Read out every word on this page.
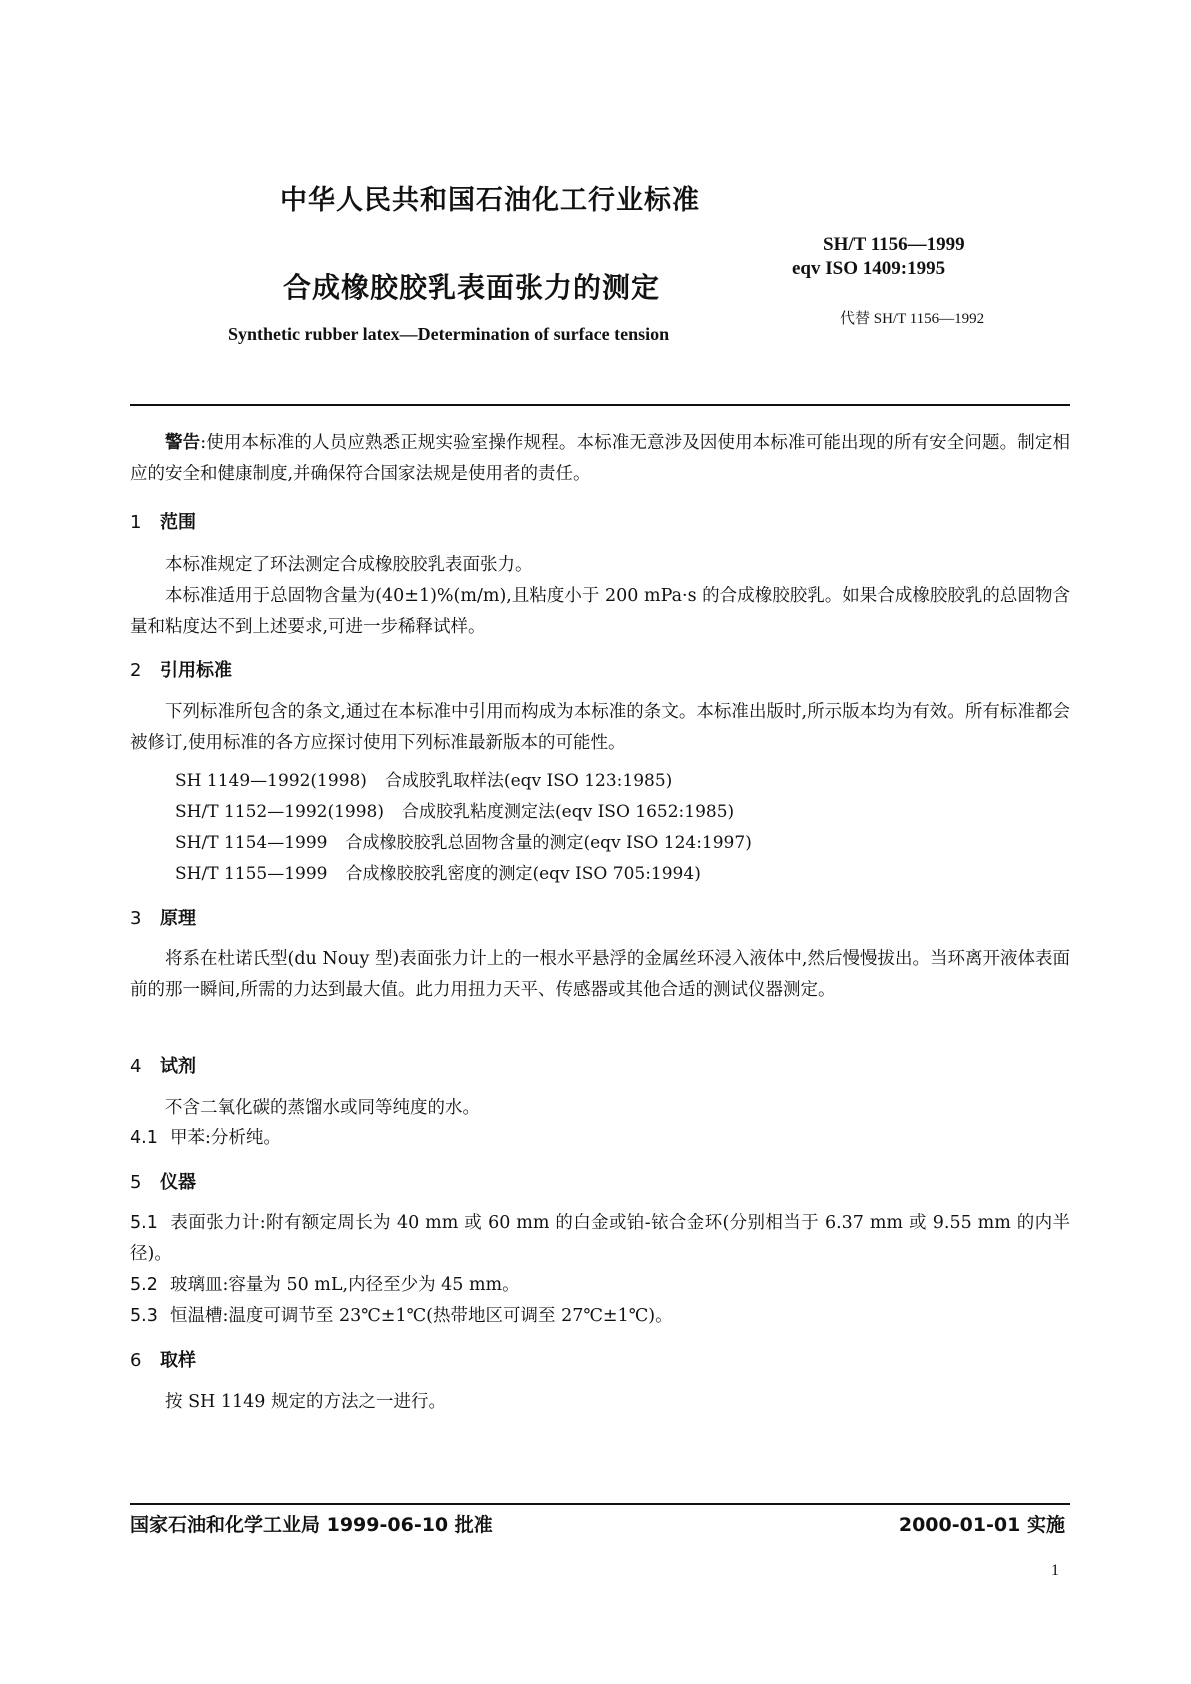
中华人民共和国石油化工行业标准
合成橡胶胶乳表面张力的测定
Synthetic rubber latex—Determination of surface tension
SH/T 1156—1999
eqv ISO 1409:1995
代替 SH/T 1156—1992
警告:使用本标准的人员应熟悉正规实验室操作规程。本标准无意涉及因使用本标准可能出现的所有安全问题。制定相应的安全和健康制度,并确保符合国家法规是使用者的责任。
1 范围
本标准规定了环法测定合成橡胶胶乳表面张力。
本标准适用于总固物含量为(40±1)%(m/m),且粘度小于 200 mPa·s 的合成橡胶胶乳。如果合成橡胶胶乳的总固物含量和粘度达不到上述要求,可进一步稀释试样。
2 引用标准
下列标准所包含的条文,通过在本标准中引用而构成为本标准的条文。本标准出版时,所示版本均为有效。所有标准都会被修订,使用标准的各方应探讨使用下列标准最新版本的可能性。
SH 1149—1992(1998) 合成胶乳取样法(eqv ISO 123:1985)
SH/T 1152—1992(1998) 合成胶乳粘度测定法(eqv ISO 1652:1985)
SH/T 1154—1999 合成橡胶胶乳总固物含量的测定(eqv ISO 124:1997)
SH/T 1155—1999 合成橡胶胶乳密度的测定(eqv ISO 705:1994)
3 原理
将系在杜诺氏型(du Nouy 型)表面张力计上的一根水平悬浮的金属丝环浸入液体中,然后慢慢拔出。当环离开液体表面前的那一瞬间,所需的力达到最大值。此力用扭力天平、传感器或其他合适的测试仪器测定。
4 试剂
不含二氧化碳的蒸馏水或同等纯度的水。
4.1 甲苯:分析纯。
5 仪器
5.1 表面张力计:附有额定周长为 40 mm 或 60 mm 的白金或铂-铱合金环(分别相当于 6.37 mm 或 9.55 mm 的内半径)。
5.2 玻璃皿:容量为 50 mL,内径至少为 45 mm。
5.3 恒温槽:温度可调节至 23℃±1℃(热带地区可调至 27℃±1℃)。
6 取样
按 SH 1149 规定的方法之一进行。
国家石油和化学工业局 1999-06-10 批准	2000-01-01 实施
1
